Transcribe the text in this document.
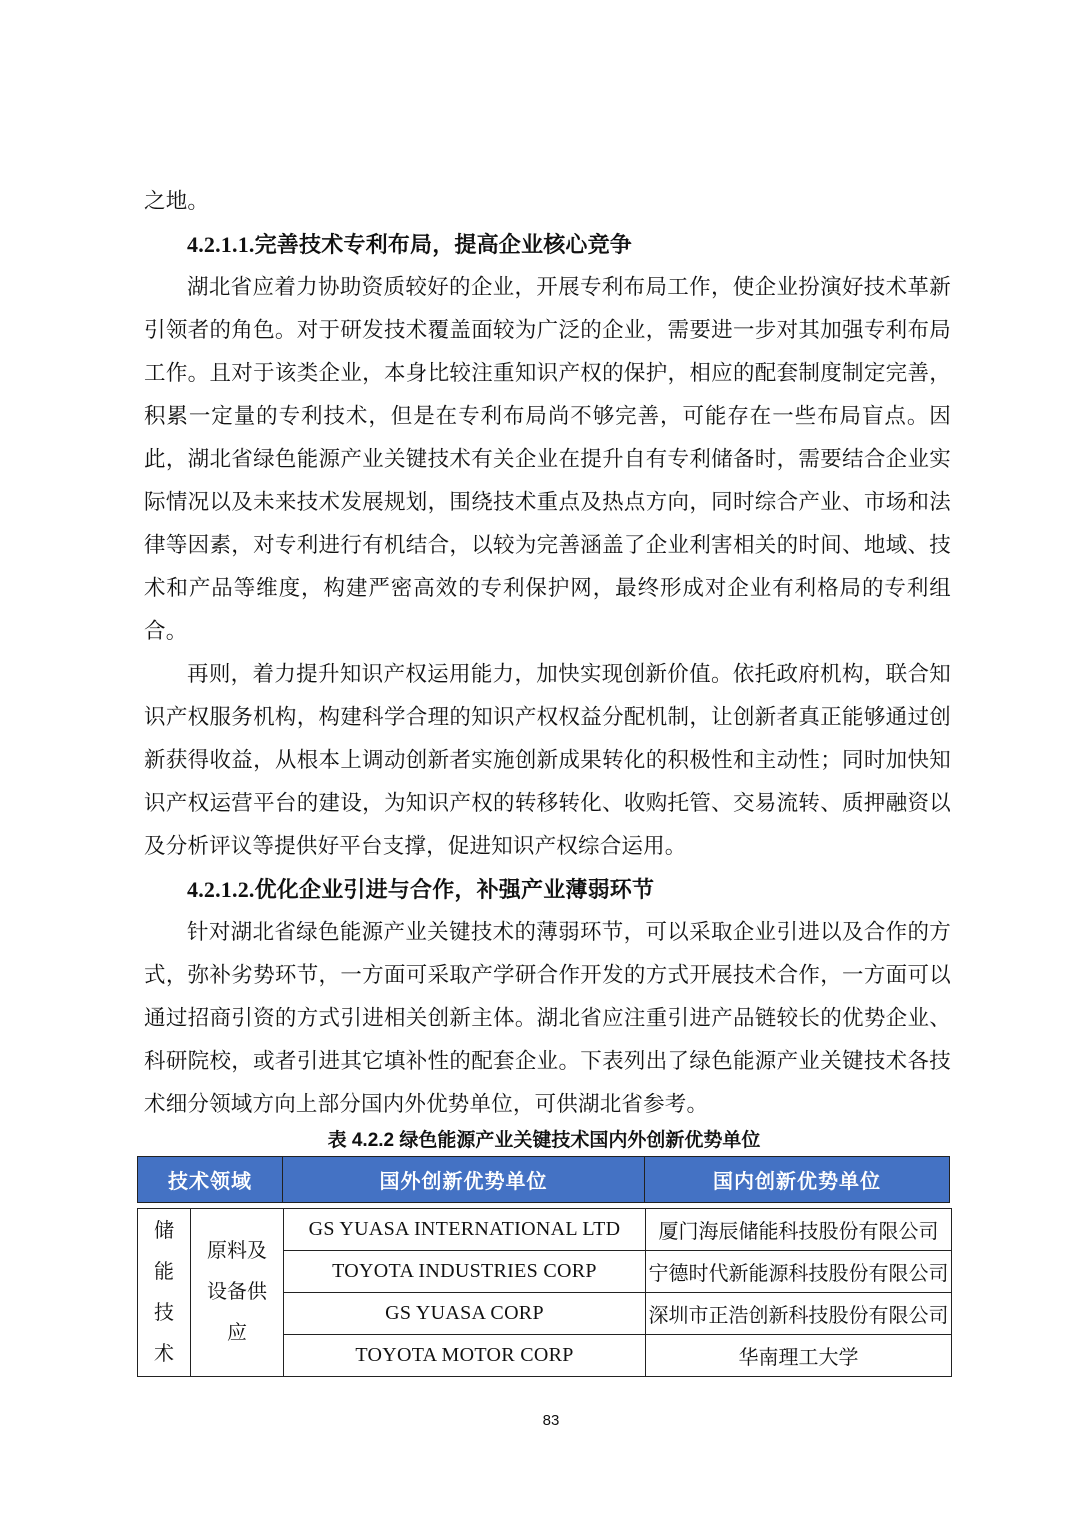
之地。

4.2.1.1.完善技术专利布局，提高企业核心竞争

湖北省应着力协助资质较好的企业，开展专利布局工作，使企业扮演好技术革新引领者的角色。对于研发技术覆盖面较为广泛的企业，需要进一步对其加强专利布局工作。且对于该类企业，本身比较注重知识产权的保护，相应的配套制度制定完善，积累一定量的专利技术，但是在专利布局尚不够完善，可能存在一些布局盲点。因此，湖北省绿色能源产业关键技术有关企业在提升自有专利储备时，需要结合企业实际情况以及未来技术发展规划，围绕技术重点及热点方向，同时综合产业、市场和法律等因素，对专利进行有机结合，以较为完善涵盖了企业利害相关的时间、地域、技术和产品等维度，构建严密高效的专利保护网，最终形成对企业有利格局的专利组合。

再则，着力提升知识产权运用能力，加快实现创新价值。依托政府机构，联合知识产权服务机构，构建科学合理的知识产权权益分配机制，让创新者真正能够通过创新获得收益，从根本上调动创新者实施创新成果转化的积极性和主动性；同时加快知识产权运营平台的建设，为知识产权的转移转化、收购托管、交易流转、质押融资以及分析评议等提供好平台支撑，促进知识产权综合运用。

4.2.1.2.优化企业引进与合作，补强产业薄弱环节

针对湖北省绿色能源产业关键技术的薄弱环节，可以采取企业引进以及合作的方式，弥补劣势环节，一方面可采取产学研合作开发的方式开展技术合作，一方面可以通过招商引资的方式引进相关创新主体。湖北省应注重引进产品链较长的优势企业、科研院校，或者引进其它填补性的配套企业。下表列出了绿色能源产业关键技术各技术细分领域方向上部分国内外优势单位，可供湖北省参考。

表 4.2.2 绿色能源产业关键技术国内外创新优势单位
技术领域	国外创新优势单位	国内创新优势单位
储能技术	原料及设备供应	GS YUASA INTERNATIONAL LTD	厦门海辰储能科技股份有限公司
		TOYOTA INDUSTRIES CORP	宁德时代新能源科技股份有限公司
		GS YUASA CORP	深圳市正浩创新科技股份有限公司
		TOYOTA MOTOR CORP	华南理工大学
83
